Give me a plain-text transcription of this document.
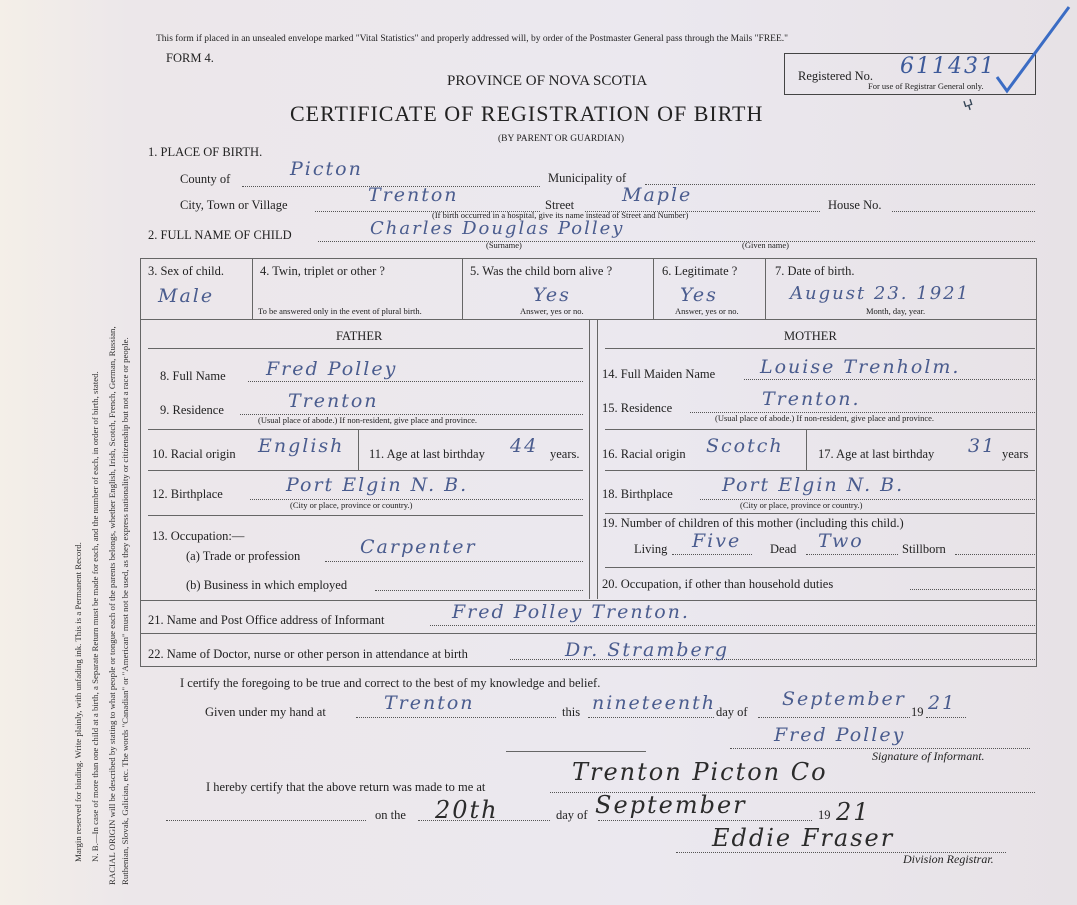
Margin reserved for binding. Write plainly, with unfading ink. This is a Permanent Record. N. B.—In case of more than one child at a birth, a Separate Return must be made for each, and the number of each, in order of birth, stated. RACIAL ORIGIN will be described by stating to what people or tongue each of the parents belongs, whether English, Irish, Scotch, French, German, Russian, Ruthenian, Slovak, Galician, etc. The words "Canadian" or "American" must not be used, as they express nationality or citizenship but not a race or people.
This form if placed in an unsealed envelope marked "Vital Statistics" and properly addressed will, by order of the Postmaster General pass through the Mails "FREE."
FORM 4.
PROVINCE OF NOVA SCOTIA
CERTIFICATE OF REGISTRATION OF BIRTH
(BY PARENT OR GUARDIAN)
Registered No. 611431
For use of Registrar General only.
ⵖ
1. PLACE OF BIRTH.
County of	Picton	Municipality of
City, Town or Village	Trenton	Street	Maple	House No.
(If birth occurred in a hospital, give its name instead of Street and Number)
2. FULL NAME OF CHILD	Charles Douglas Polley
(Surname)	(Given name)
3. Sex of child.
Male
4. Twin, triplet or other ?
To be answered only in the event of plural birth.
5. Was the child born alive ?
Yes
Answer, yes or no.
6. Legitimate ?
Yes
Answer, yes or no.
7. Date of birth.
August 23. 1921
Month, day, year.
FATHER
8. Full Name Fred Polley
9. Residence	Trenton
(Usual place of abode.) If non-resident, give place and province.
10. Racial origin English 11. Age at last birthday 44 years.
12. Birthplace	Port Elgin N. B.
(City or place, province or country.)
13. Occupation:—
(a) Trade or profession	Carpenter
(b) Business in which employed
MOTHER
14. Full Maiden Name Louise Trenholm.
15. Residence	Trenton.
(Usual place of abode.) If non-resident, give place and province.
16. Racial origin Scotch	17. Age at last birthday 31 years
18. Birthplace	Port Elgin N. B.
(City or place, province or country.)
19. Number of children of this mother (including this child.)
Living Five Dead Two	Stillborn
20. Occupation, if other than household duties
21. Name and Post Office address of Informant	Fred Polley Trenton.
22. Name of Doctor, nurse or other person in attendance at birth	Dr. Stramberg
I certify the foregoing to be true and correct to the best of my knowledge and belief.
Given under my hand at	Trenton	this nineteenth day of
September
19 21
Fred Polley
Signature of Informant.
I hereby certify that the above return was made to me at
Trenton Picton Co
on the 20th	day of September	19 21
Eddie Fraser
Division Registrar.
